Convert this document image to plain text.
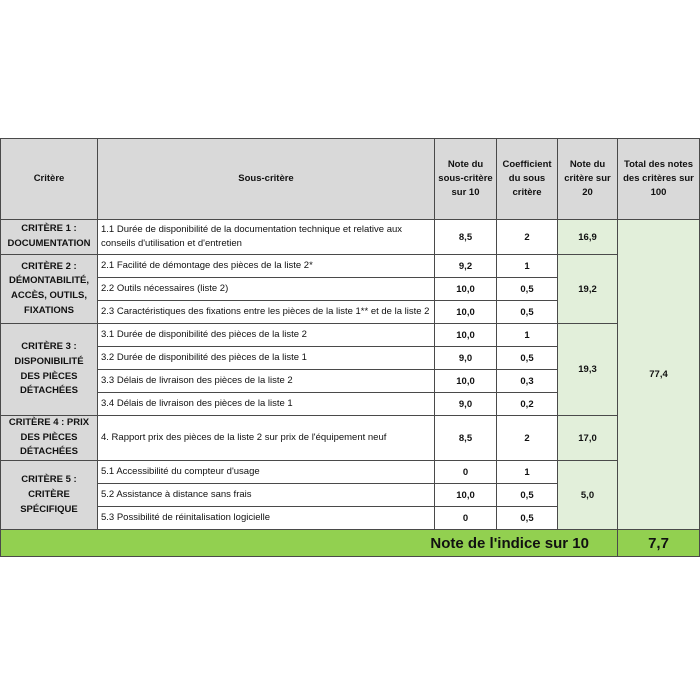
Critère	Sous-critère	Note du sous-critère sur 10	Coefficient du sous critère	Note du critère sur 20	Total des notes des critères sur 100
CRITÈRE 1 : DOCUMENTATION	1.1 Durée de disponibilité de la documentation technique et relative aux conseils d'utilisation et d'entretien	8,5	2	16,9	77,4
CRITÈRE 2 : DÉMONTABILITÉ, ACCÈS, OUTILS, FIXATIONS	2.1 Facilité de démontage des pièces de la liste 2*	9,2	1	19,2	
	2.2 Outils nécessaires (liste 2)	10,0	0,5		
	2.3 Caractéristiques des fixations entre les pièces de la liste 1** et de la liste 2	10,0	0,5		
CRITÈRE 3 : DISPONIBILITÉ DES PIÈCES DÉTACHÉES	3.1 Durée de disponibilité des pièces de la liste 2	10,0	1	19,3	
	3.2 Durée de disponibilité des pièces de la liste 1	9,0	0,5		
	3.3 Délais de livraison des pièces de la liste 2	10,0	0,3		
	3.4 Délais de livraison des pièces de la liste 1	9,0	0,2		
CRITÈRE 4 : PRIX DES PIÈCES DÉTACHÉES	4. Rapport prix des pièces de la liste 2 sur prix de l'équipement neuf	8,5	2	17,0	
CRITÈRE 5 : CRITÈRE SPÉCIFIQUE	5.1 Accessibilité du compteur d'usage	0	1	5,0	
	5.2 Assistance à distance sans frais	10,0	0,5		
	5.3 Possibilité de réinitalisation logicielle	0	0,5		
Note de l'indice sur 10					7,7
